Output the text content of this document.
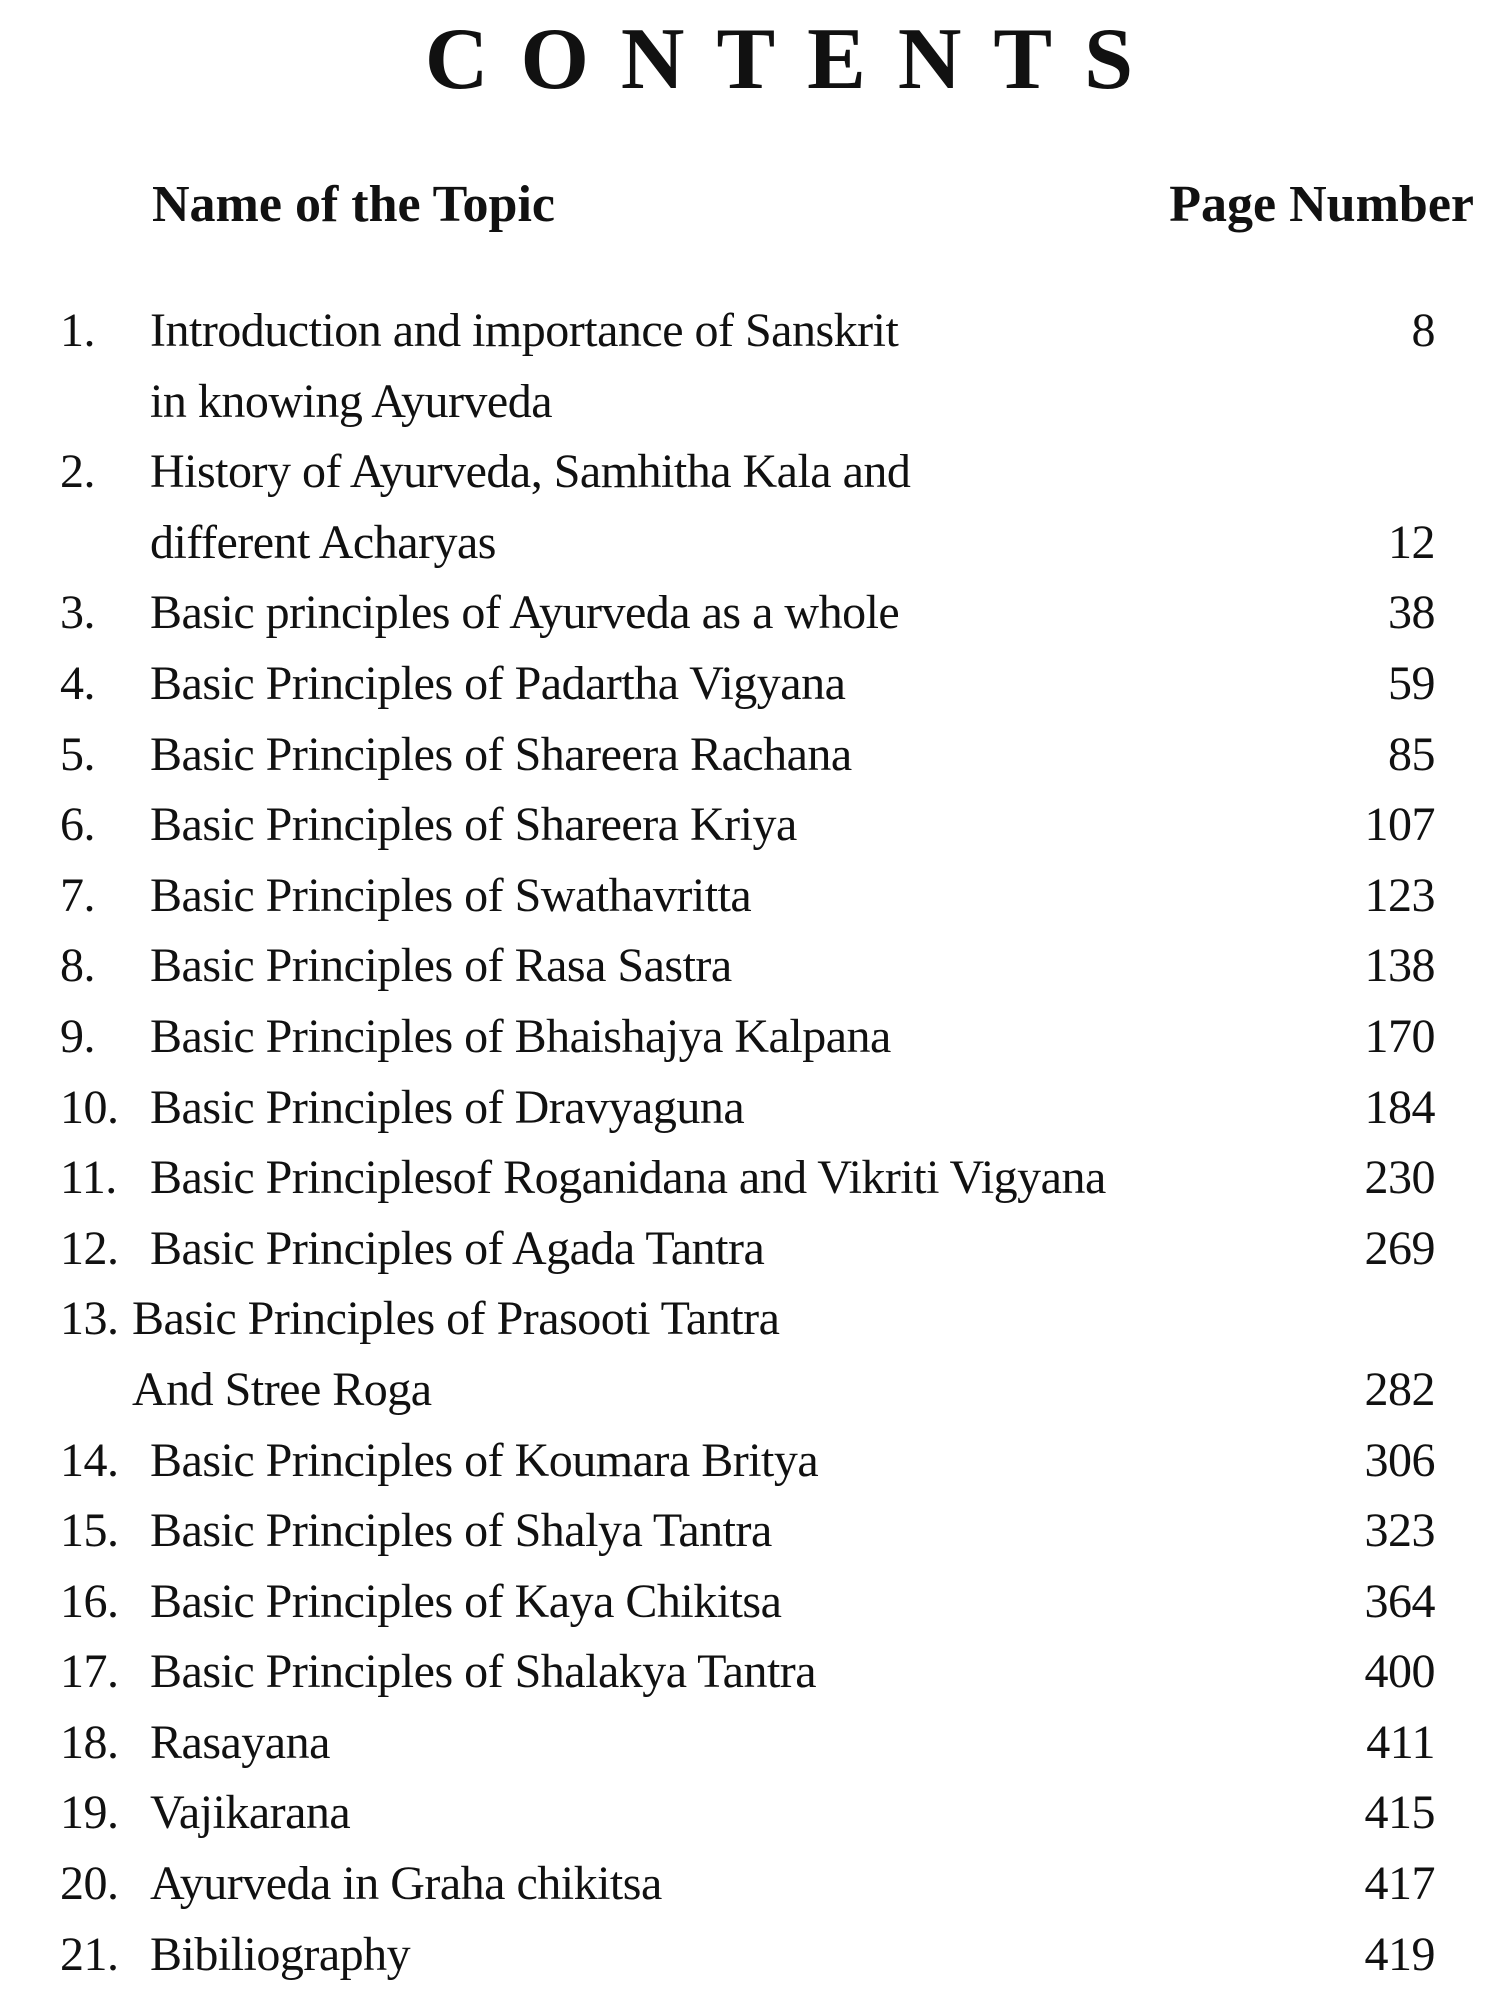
CONTENTS
Name of the Topic	Page Number
1.	Introduction and importance of Sanskrit	8
in knowing Ayurveda
2.	History of Ayurveda, Samhitha Kala and
different Acharyas	12
3.	Basic principles of Ayurveda as a whole	38
4.	Basic Principles of Padartha Vigyana	59
5.	Basic Principles of Shareera Rachana	85
6.	Basic Principles of Shareera Kriya	107
7.	Basic Principles of Swathavritta	123
8.	Basic Principles of Rasa Sastra	138
9.	Basic Principles of Bhaishajya Kalpana	170
10. Basic Principles of Dravyaguna	184
11. Basic Principlesof Roganidana and Vikriti Vigyana	230
12. Basic Principles of Agada Tantra	269
13. Basic Principles of Prasooti Tantra
And Stree Roga	282
14. Basic Principles of Koumara Britya	306
15. Basic Principles of Shalya Tantra	323
16. Basic Principles of Kaya Chikitsa	364
17. Basic Principles of Shalakya Tantra	400
18. Rasayana	411
19. Vajikarana	415
20. Ayurveda in Graha chikitsa	417
21. Bibiliography	419
